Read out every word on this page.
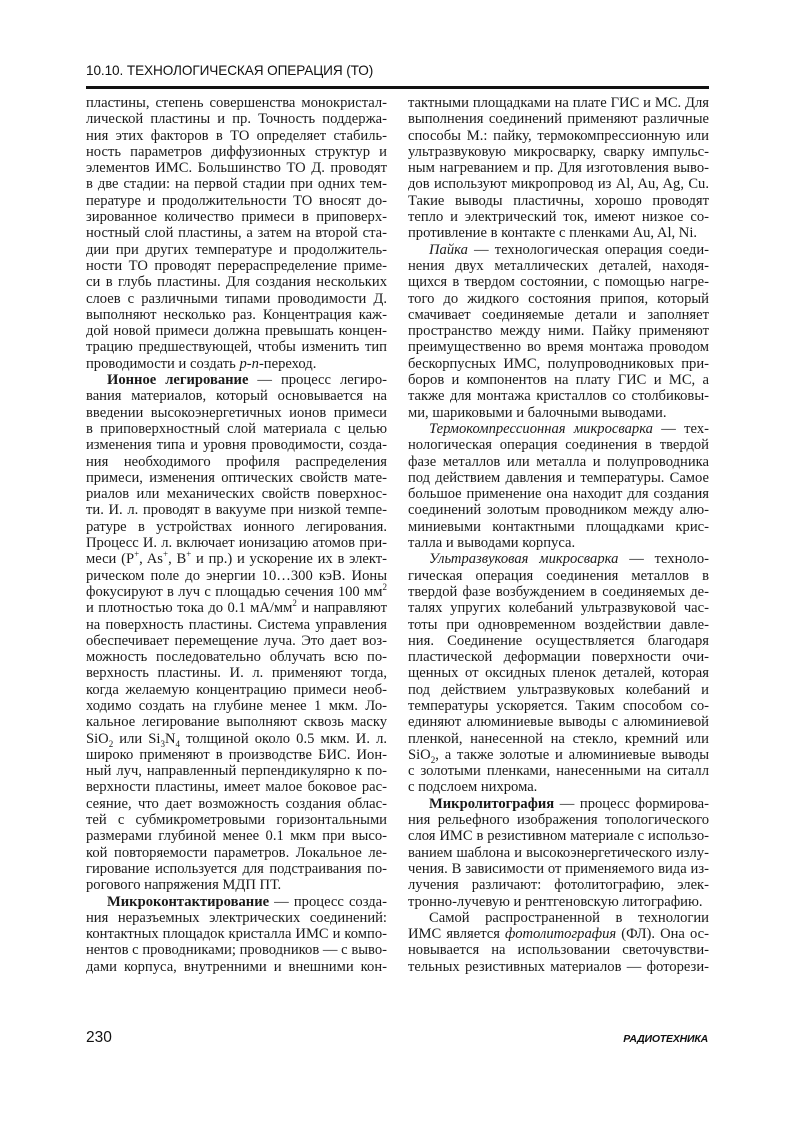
10.10. ТЕХНОЛОГИЧЕСКАЯ ОПЕРАЦИЯ (ТО)
пластины, степень совершенства монокристал-
лической пластины и пр. Точность поддержа-
ния этих факторов в ТО определяет стабиль-
ность параметров диффузионных структур и
элементов ИМС. Большинство ТО Д. проводят
в две стадии: на первой стадии при одних тем-
пературе и продолжительности ТО вносят до-
зированное количество примеси в приповерх-
ностный слой пластины, а затем на второй ста-
дии при других температуре и продолжитель-
ности ТО проводят перераспределение приме-
си в глубь пластины. Для создания нескольких
слоев с различными типами проводимости Д.
выполняют несколько раз. Концентрация каж-
дой новой примеси должна превышать концен-
трацию предшествующей, чтобы изменить тип
проводимости и создать p-n-переход.
Ионное легирование — процесс легиро-
вания материалов, который основывается на
введении высокоэнергетичных ионов примеси
в приповерхностный слой материала с целью
изменения типа и уровня проводимости, созда-
ния необходимого профиля распределения
примеси, изменения оптических свойств мате-
риалов или механических свойств поверхнос-
ти. И. л. проводят в вакууме при низкой темпе-
ратуре в устройствах ионного легирования.
Процесс И. л. включает ионизацию атомов при-
меси (P+, As+, B+ и пр.) и ускорение их в элект-
рическом поле до энергии 10…300 кэВ. Ионы
фокусируют в луч с площадью сечения 100 $мм^2$
и плотностью тока до 0.1 $мА/мм^2$ и направляют
на поверхность пластины. Система управления
обеспечивает перемещение луча. Это дает воз-
можность последовательно облучать всю по-
верхность пластины. И. л. применяют тогда,
когда желаемую концентрацию примеси необ-
ходимо создать на глубине менее 1 мкм. Ло-
кальное легирование выполняют сквозь маску
SiO$_2$ или $Si_3N_4$ толщиной около 0.5 мкм. И. л.
широко применяют в производстве БИС. Ион-
ный луч, направленный перпендикулярно к по-
верхности пластины, имеет малое боковое рас-
сеяние, что дает возможность создания облас-
тей с субмикрометровыми горизонтальными
размерами глубиной менее 0.1 мкм при высо-
кой повторяемости параметров. Локальное ле-
гирование используется для подстраивания по-
рогового напряжения МДП ПТ.
Микроконтактирование — процесс созда-
ния неразъемных электрических соединений:
контактных площадок кристалла ИМС и компо-
нентов с проводниками; проводников — с выво-
дами корпуса, внутренними и внешними кон-
тактными площадками на плате ГИС и МС. Для
выполнения соединений применяют различные
способы М.: пайку, термокомпрессионную или
ультразвуковую микросварку, сварку импульс-
ным нагреванием и пр. Для изготовления выво-
дов используют микропровод из Al, Au, Ag, Cu.
Такие выводы пластичны, хорошо проводят
тепло и электрический ток, имеют низкое со-
противление в контакте с пленками Au, Al, Ni.
Пайка — технологическая операция соеди-
нения двух металлических деталей, находя-
щихся в твердом состоянии, с помощью нагре-
того до жидкого состояния припоя, который
смачивает соединяемые детали и заполняет
пространство между ними. Пайку применяют
преимущественно во время монтажа проводом
бескорпусных ИМС, полупроводниковых при-
боров и компонентов на плату ГИС и МС, а
также для монтажа кристаллов со столбиковы-
ми, шариковыми и балочными выводами.
Термокомпрессионная микросварка — тех-
нологическая операция соединения в твердой
фазе металлов или металла и полупроводника
под действием давления и температуры. Самое
большое применение она находит для создания
соединений золотым проводником между алю-
миниевыми контактными площадками крис-
талла и выводами корпуса.
Ультразвуковая микросварка — техноло-
гическая операция соединения металлов в
твердой фазе возбуждением в соединяемых де-
талях упругих колебаний ультразвуковой час-
тоты при одновременном воздействии давле-
ния. Соединение осуществляется благодаря
пластической деформации поверхности очи-
щенных от оксидных пленок деталей, которая
под действием ультразвуковых колебаний и
температуры ускоряется. Таким способом со-
единяют алюминиевые выводы с алюминиевой
пленкой, нанесенной на стекло, кремний или
SiO$_2$, а также золотые и алюминиевые выводы
с золотыми пленками, нанесенными на ситалл
с подслоем нихрома.
Микролитография — процесс формирова-
ния рельефного изображения топологического
слоя ИМС в резистивном материале с использо-
ванием шаблона и высокоэнергетического излу-
чения. В зависимости от применяемого вида из-
лучения различают: фотолитографию, элек-
тронно-лучевую и рентгеновскую литографию.
Самой распространенной в технологии
ИМС является фотолитография (ФЛ). Она ос-
новывается на использовании светочувстви-
тельных резистивных материалов — фоторези-
230	РАДИОТЕХНИКА
